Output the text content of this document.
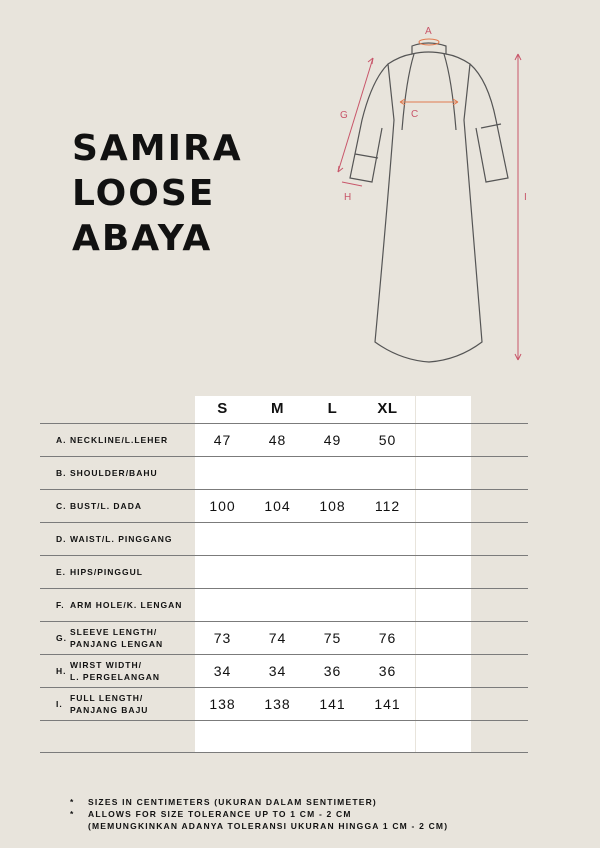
SAMIRA
LOOSE
ABAYA
A
C
G
H	I
S	M	L	XL
A. NECKLINE/L.LEHER	47	48	49	50
B. SHOULDER/BAHU
C. BUST/L. DADA	100	104	108	112
D. WAIST/L. PINGGANG
E. HIPS/PINGGUL
F. ARM HOLE/K. LENGAN
G.
SLEEVE LENGTH/
PANJANG LENGAN	73	74	75	76
H.
WIRST WIDTH/
L. PERGELANGAN	34	34	36	36
I.
FULL LENGTH/
PANJANG BAJU	138	138	141	141
*	SIZES IN CENTIMETERS (UKURAN DALAM SENTIMETER)
*	ALLOWS FOR SIZE TOLERANCE UP TO 1 CM - 2 CM
(MEMUNGKINKAN ADANYA TOLERANSI UKURAN HINGGA 1 CM - 2 CM)
